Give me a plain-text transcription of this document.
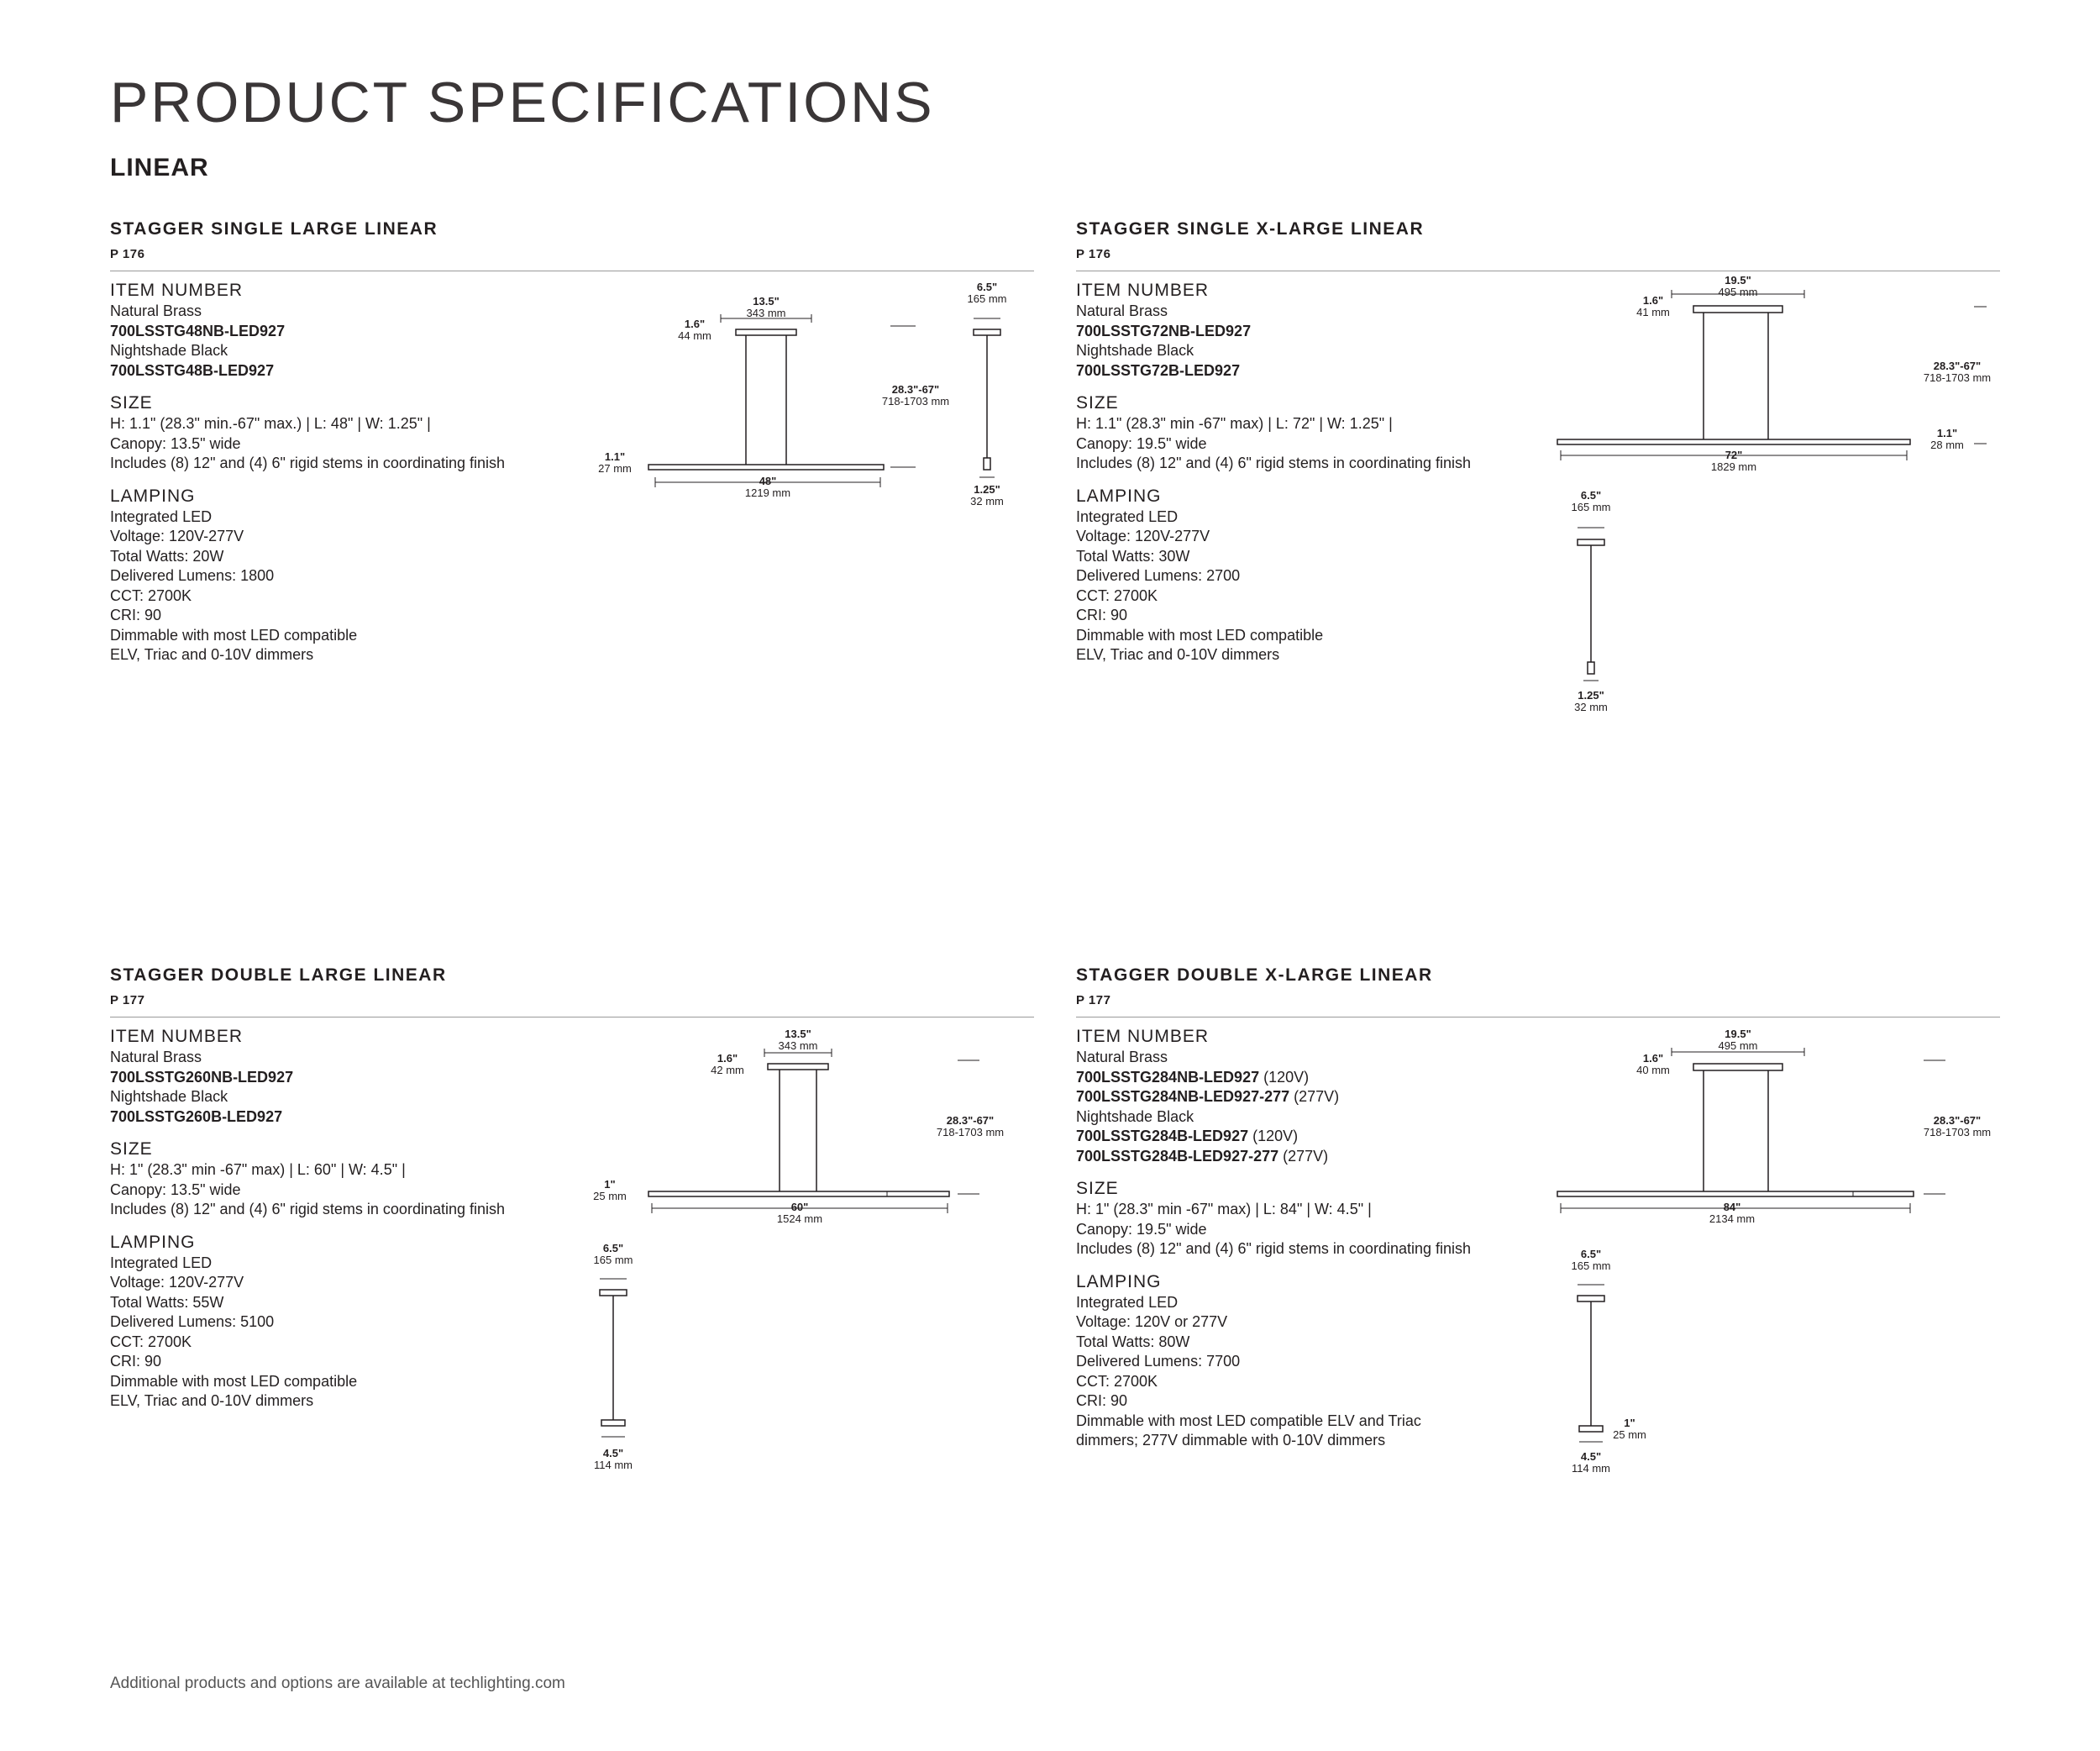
PRODUCT SPECIFICATIONS
LINEAR
STAGGER SINGLE LARGE LINEAR
P 176
ITEM NUMBER
Natural Brass
700LSSTG48NB-LED927
Nightshade Black
700LSSTG48B-LED927
SIZE
H: 1.1" (28.3" min.-67" max.) | L: 48" | W: 1.25" |
Canopy: 13.5" wide
Includes (8) 12" and (4) 6" rigid stems in coordinating finish
LAMPING
Integrated LED
Voltage: 120V-277V
Total Watts: 20W
Delivered Lumens: 1800
CCT: 2700K
CRI: 90
Dimmable with most LED compatible
ELV, Triac and 0-10V dimmers
STAGGER SINGLE X-LARGE LINEAR
P 176
ITEM NUMBER
Natural Brass
700LSSTG72NB-LED927
Nightshade Black
700LSSTG72B-LED927
SIZE
H: 1.1" (28.3" min -67" max) | L: 72" | W: 1.25" |
Canopy: 19.5" wide
Includes (8) 12" and (4) 6" rigid stems in coordinating finish
LAMPING
Integrated LED
Voltage: 120V-277V
Total Watts: 30W
Delivered Lumens: 2700
CCT: 2700K
CRI: 90
Dimmable with most LED compatible
ELV, Triac and 0-10V dimmers
STAGGER DOUBLE LARGE LINEAR
P 177
ITEM NUMBER
Natural Brass
700LSSTG260NB-LED927
Nightshade Black
700LSSTG260B-LED927
SIZE
H: 1" (28.3" min -67" max) | L: 60" | W: 4.5" |
Canopy: 13.5" wide
Includes (8) 12" and (4) 6" rigid stems in coordinating finish
LAMPING
Integrated LED
Voltage: 120V-277V
Total Watts: 55W
Delivered Lumens: 5100
CCT: 2700K
CRI: 90
Dimmable with most LED compatible
ELV, Triac and 0-10V dimmers
STAGGER DOUBLE X-LARGE LINEAR
P 177
ITEM NUMBER
Natural Brass
700LSSTG284NB-LED927 (120V)
700LSSTG284NB-LED927-277 (277V)
Nightshade Black
700LSSTG284B-LED927 (120V)
700LSSTG284B-LED927-277 (277V)
SIZE
H: 1" (28.3" min -67" max) | L: 84" | W: 4.5" |
Canopy: 19.5" wide
Includes (8) 12" and (4) 6" rigid stems in coordinating finish
LAMPING
Integrated LED
Voltage: 120V or 277V
Total Watts: 80W
Delivered Lumens: 7700
CCT: 2700K
CRI: 90
Dimmable with most LED compatible ELV and Triac
dimmers; 277V dimmable with 0-10V dimmers
13.5"
343 mm
1.6"
44 mm
28.3"-67"
718-1703 mm
1.1"
27 mm
48"
1219 mm
6.5"
165 mm
1.25"
32 mm
19.5"
495 mm
1.6"
41 mm
28.3"-67"
718-1703 mm
1.1"
28 mm
72"
1829 mm
6.5"
165 mm
1.25"
32 mm
13.5"
343 mm
1.6"
42 mm
28.3"-67"
718-1703 mm
1"
25 mm
60"
1524 mm
6.5"
165 mm
4.5"
114 mm
19.5"
495 mm
1.6"
40 mm
28.3"-67"
718-1703 mm
84"
2134 mm
6.5"
165 mm
1"
25 mm
4.5"
114 mm
Additional products and options are available at techlighting.com
